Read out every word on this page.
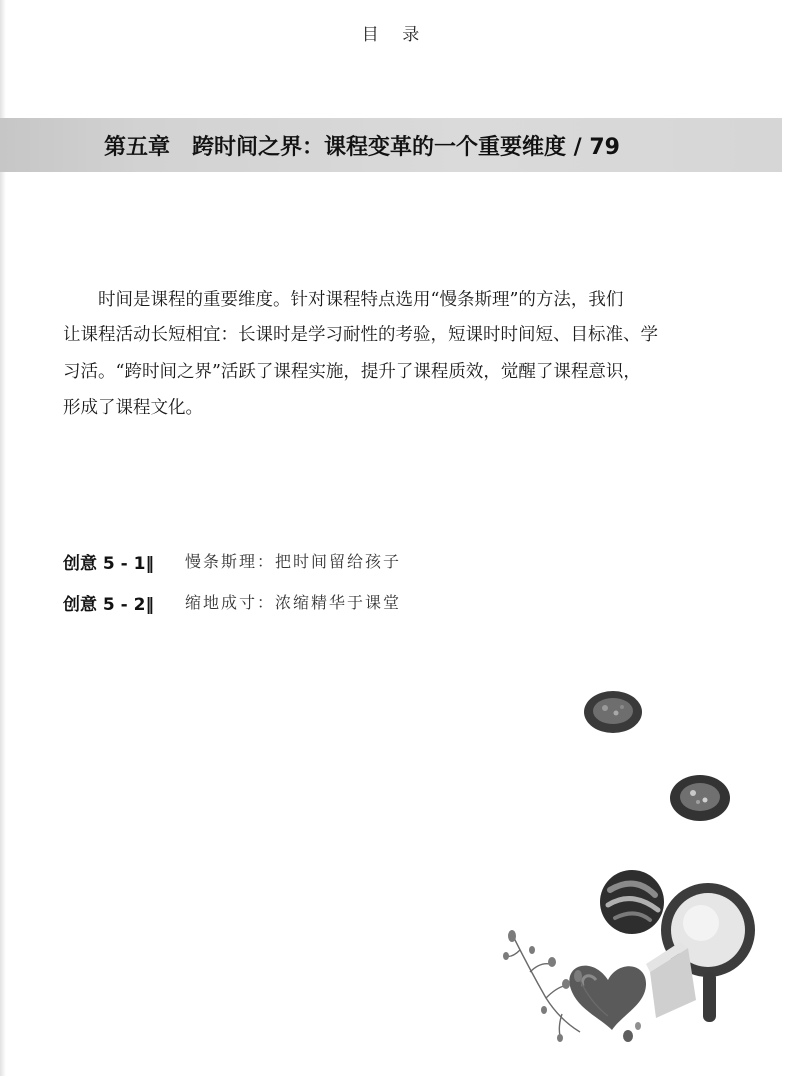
目 录
第五章 跨时间之界：课程变革的一个重要维度 / 79
时间是课程的重要维度。针对课程特点选用“慢条斯理”的方法，我们
让课程活动长短相宜：长课时是学习耐性的考验，短课时时间短、目标准、学
习活。“跨时间之界”活跃了课程实施，提升了课程质效，觉醒了课程意识，
形成了课程文化。
创意 5 - 1‖ 慢条斯理：把时间留给孩子
创意 5 - 2‖ 缩地成寸：浓缩精华于课堂
